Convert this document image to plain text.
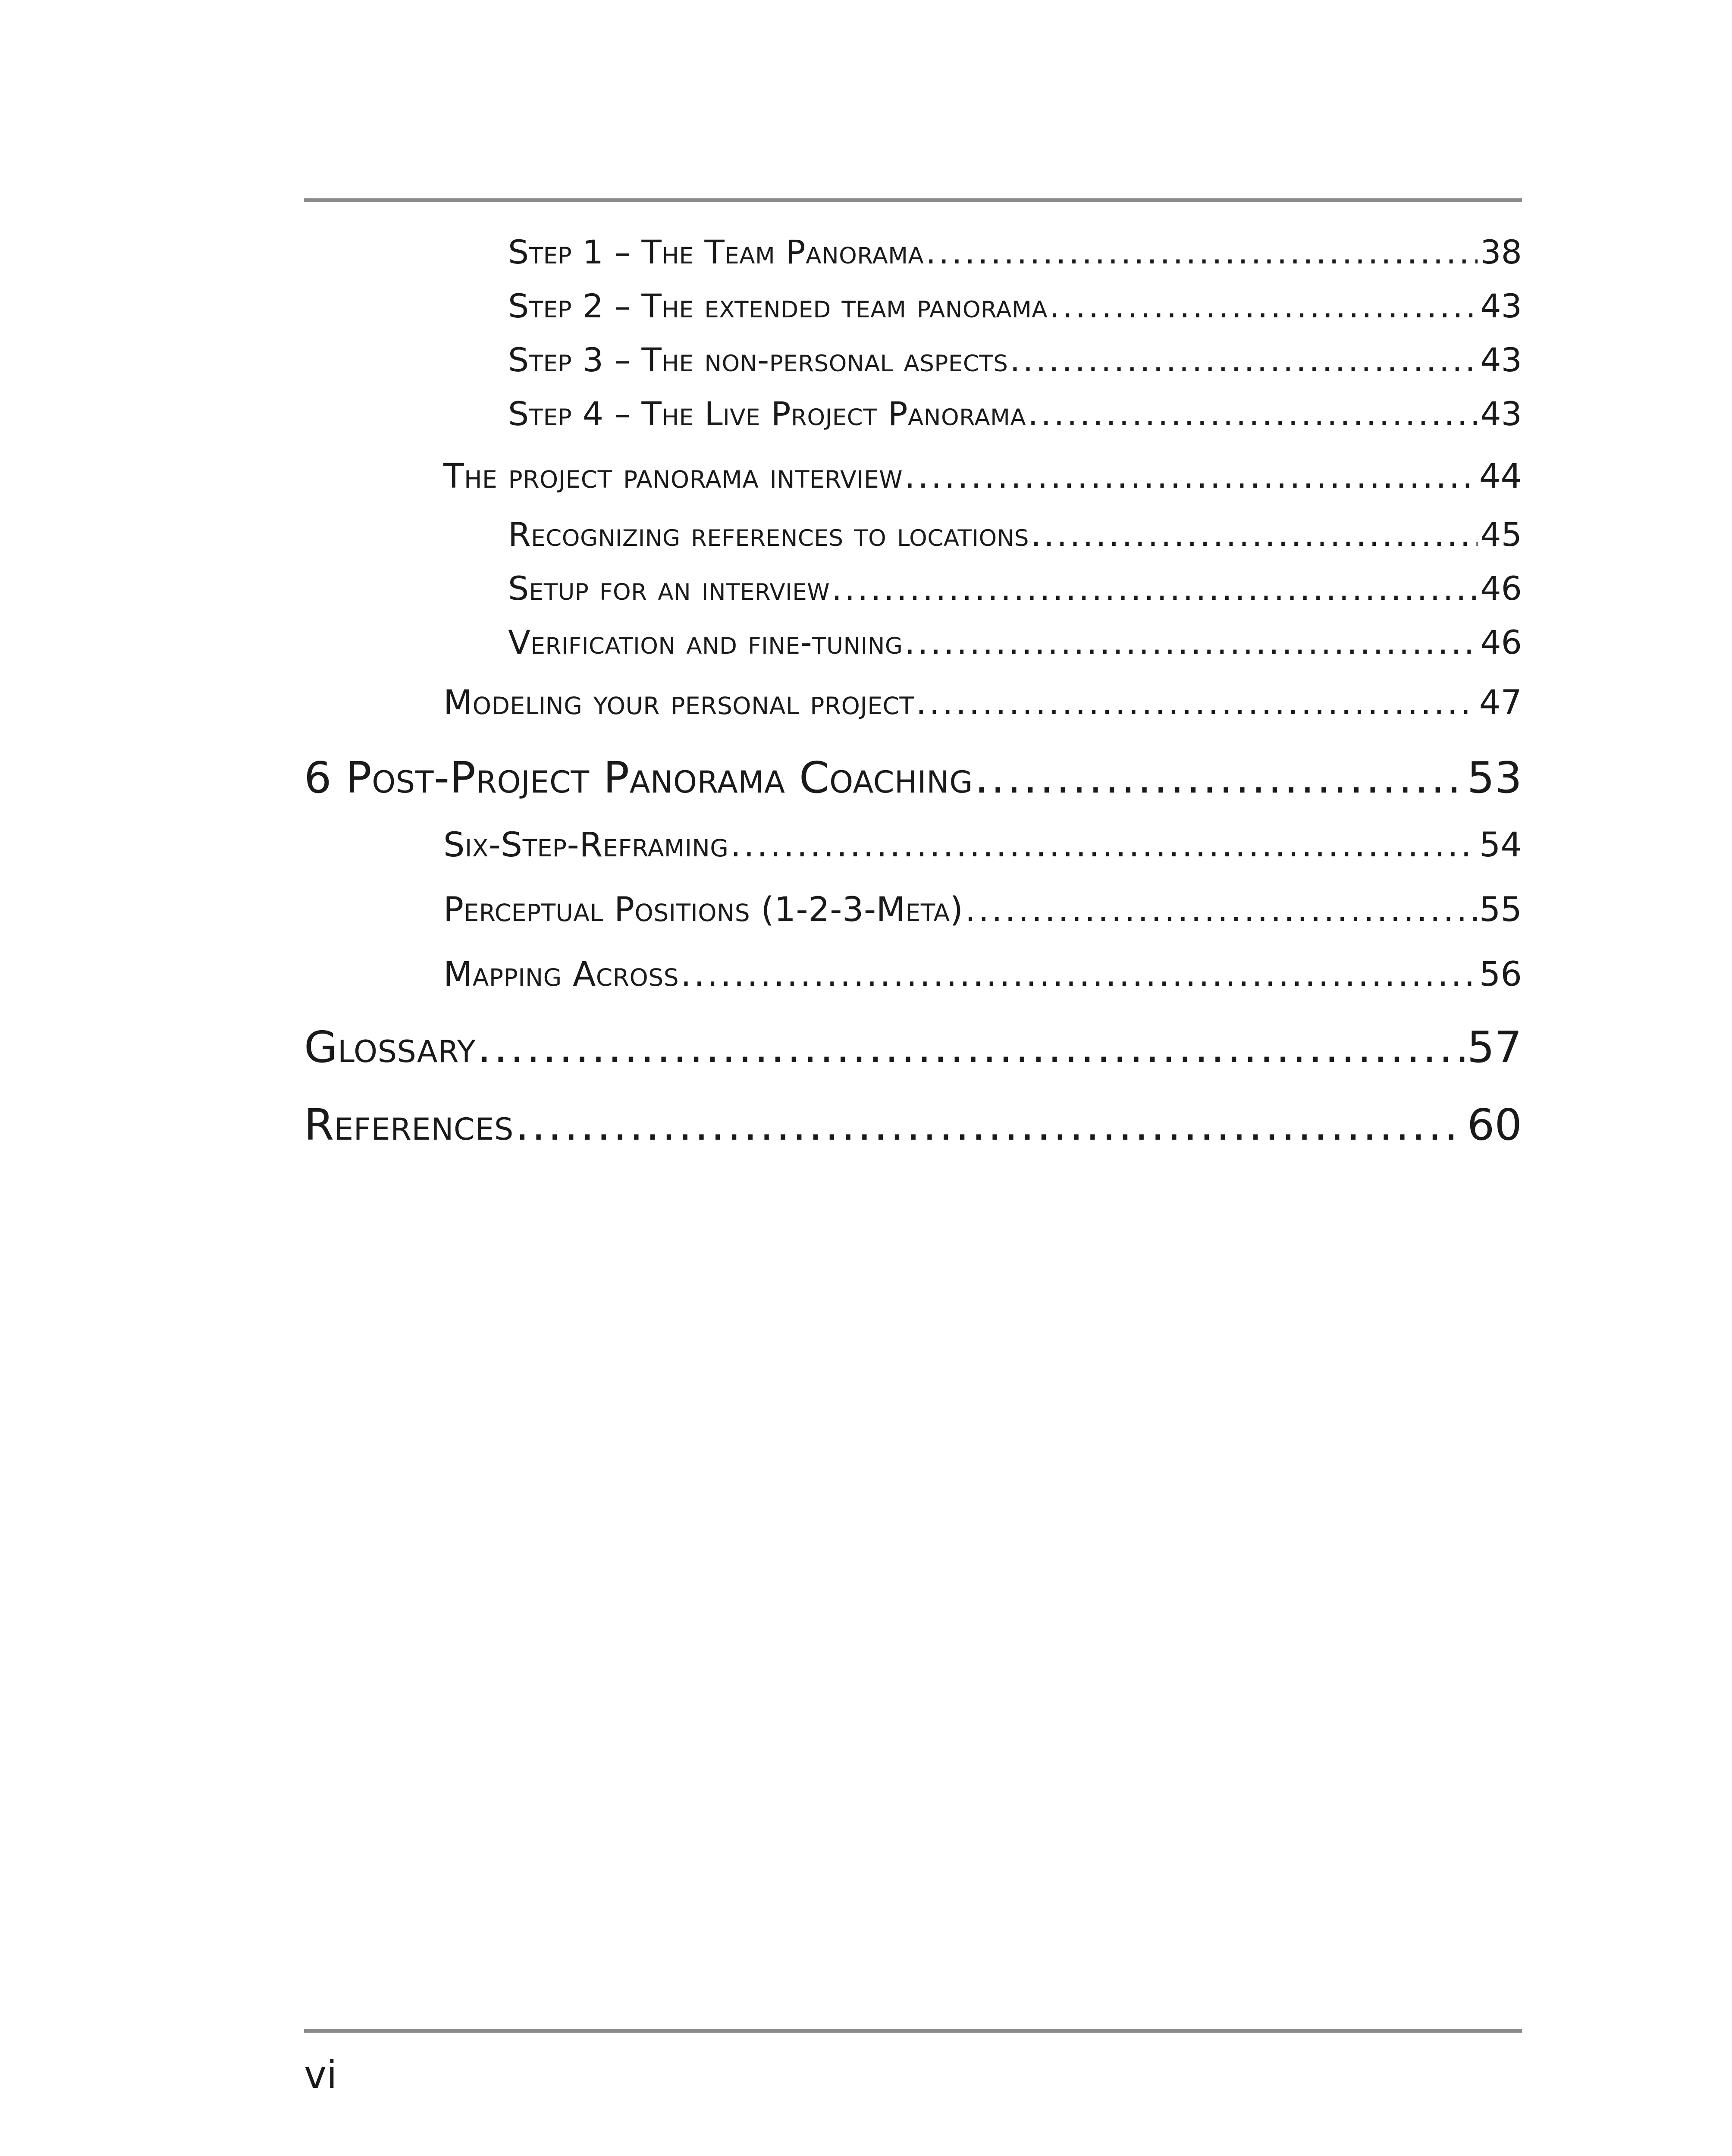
Step 1 – The Team Panorama .....	38
Step 2 – The extended team panorama .....	43
Step 3 – The non-personal aspects .....	43
Step 4 – The Live Project Panorama .....	43
The project panorama interview .....	44
Recognizing references to locations .....	45
Setup for an interview .....	46
Verification and fine-tuning .....	46
Modeling your personal project .....	47
6 Post-Project Panorama Coaching .....	53
Six-Step-Reframing .....	54
Perceptual Positions (1-2-3-Meta) .....	55
Mapping Across .....	56
Glossary .....	57
References .....	60
vi
